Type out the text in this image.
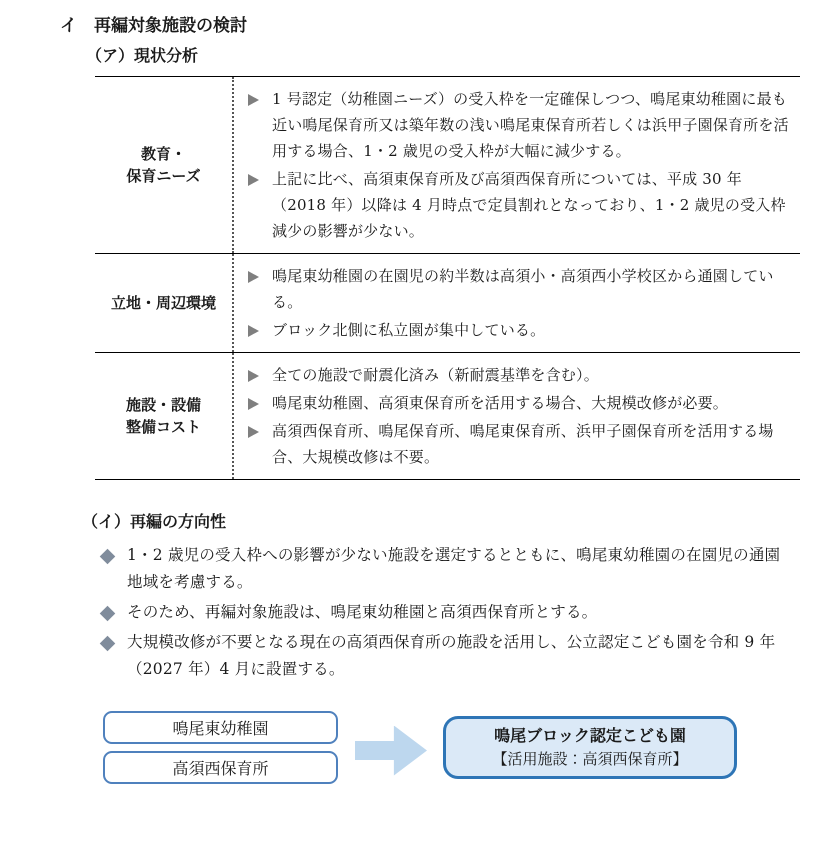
イ　再編対象施設の検討
（ア）現状分析
教育・
保育ニーズ
1 号認定（幼稚園ニーズ）の受入枠を一定確保しつつ、鳴尾東幼稚園に最も近い鳴尾保育所又は築年数の浅い鳴尾東保育所若しくは浜甲子園保育所を活用する場合、1・2 歳児の受入枠が大幅に減少する。
上記に比べ、高須東保育所及び高須西保育所については、平成 30 年（2018 年）以降は 4 月時点で定員割れとなっており、1・2 歳児の受入枠減少の影響が少ない。
立地・周辺環境
鳴尾東幼稚園の在園児の約半数は高須小・高須西小学校区から通園している。
ブロック北側に私立園が集中している。
施設・設備
整備コスト
全ての施設で耐震化済み（新耐震基準を含む）。
鳴尾東幼稚園、高須東保育所を活用する場合、大規模改修が必要。
高須西保育所、鳴尾保育所、鳴尾東保育所、浜甲子園保育所を活用する場合、大規模改修は不要。
（イ）再編の方向性
1・2 歳児の受入枠への影響が少ない施設を選定するとともに、鳴尾東幼稚園の在園児の通園地域を考慮する。
そのため、再編対象施設は、鳴尾東幼稚園と高須西保育所とする。
大規模改修が不要となる現在の高須西保育所の施設を活用し、公立認定こども園を令和 9 年（2027 年）4 月に設置する。
鳴尾東幼稚園
高須西保育所
鳴尾ブロック認定こども園
【活用施設：高須西保育所】
